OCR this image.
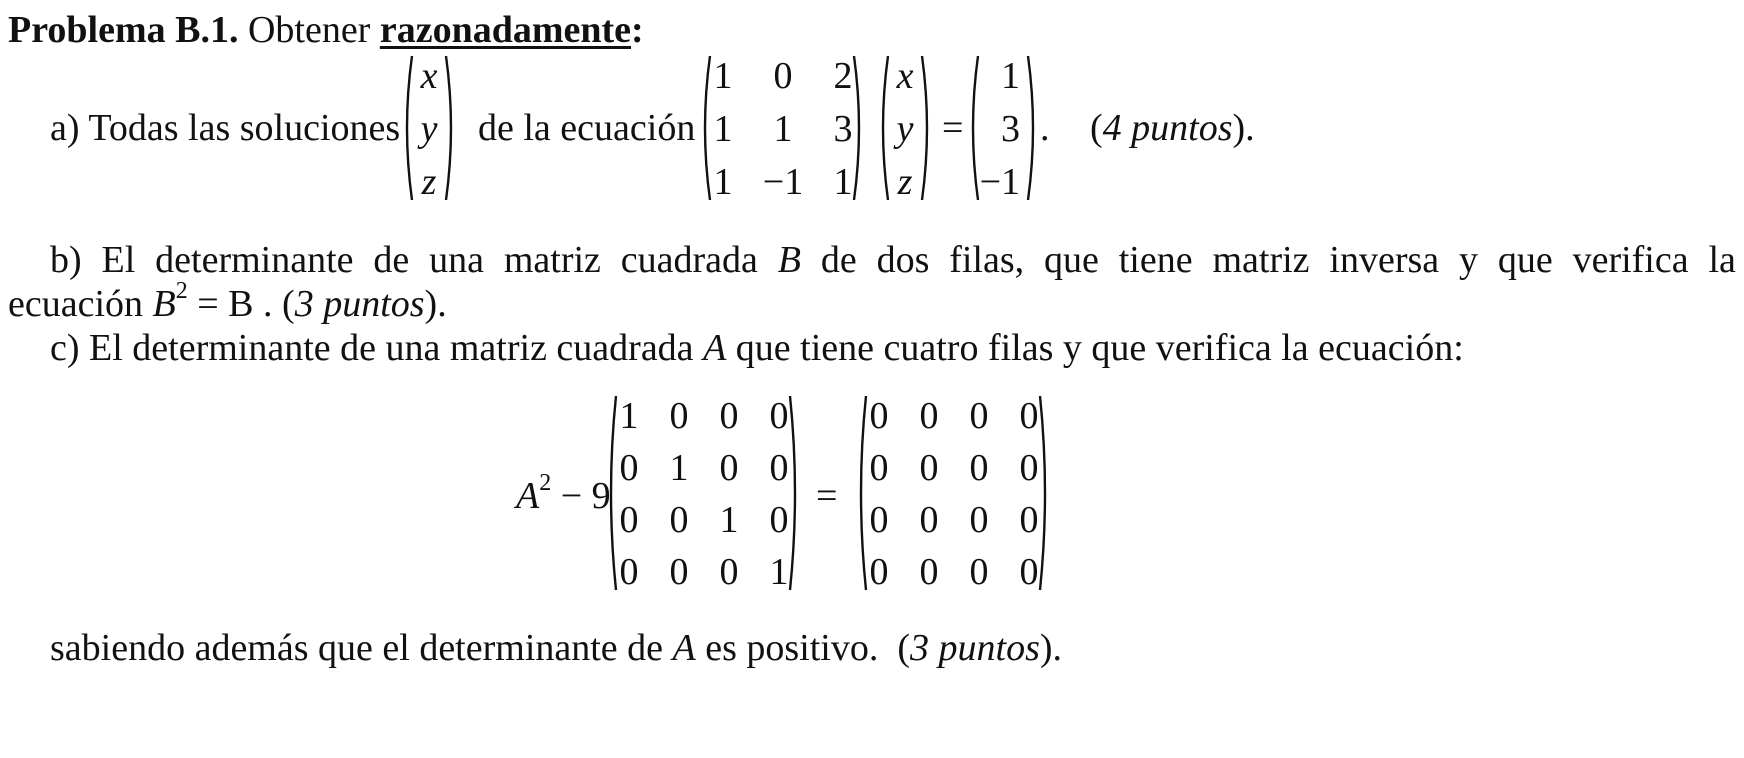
Problema B.1. Obtener razonadamente:
a) Todas las soluciones
x
y
z
de la ecuación
1	0	2
1	1	3
1 −1 1
x
y
z
=
1
3
−1
. (4 puntos).
b) El determinante de una matriz cuadrada B de dos filas, que tiene matriz inversa y que verifica la
ecuación $B^2 = B$ . (3 puntos).
c) El determinante de una matriz cuadrada A que tiene cuatro filas y que verifica la ecuación:
$A^2 - 9$
1 0 0 0
0 1 0 0
0 0 1 0
0 0 0 1
=
0 0 0 0
0 0 0 0
0 0 0 0
0 0 0 0
sabiendo además que el determinante de A es positivo. (3 puntos).
